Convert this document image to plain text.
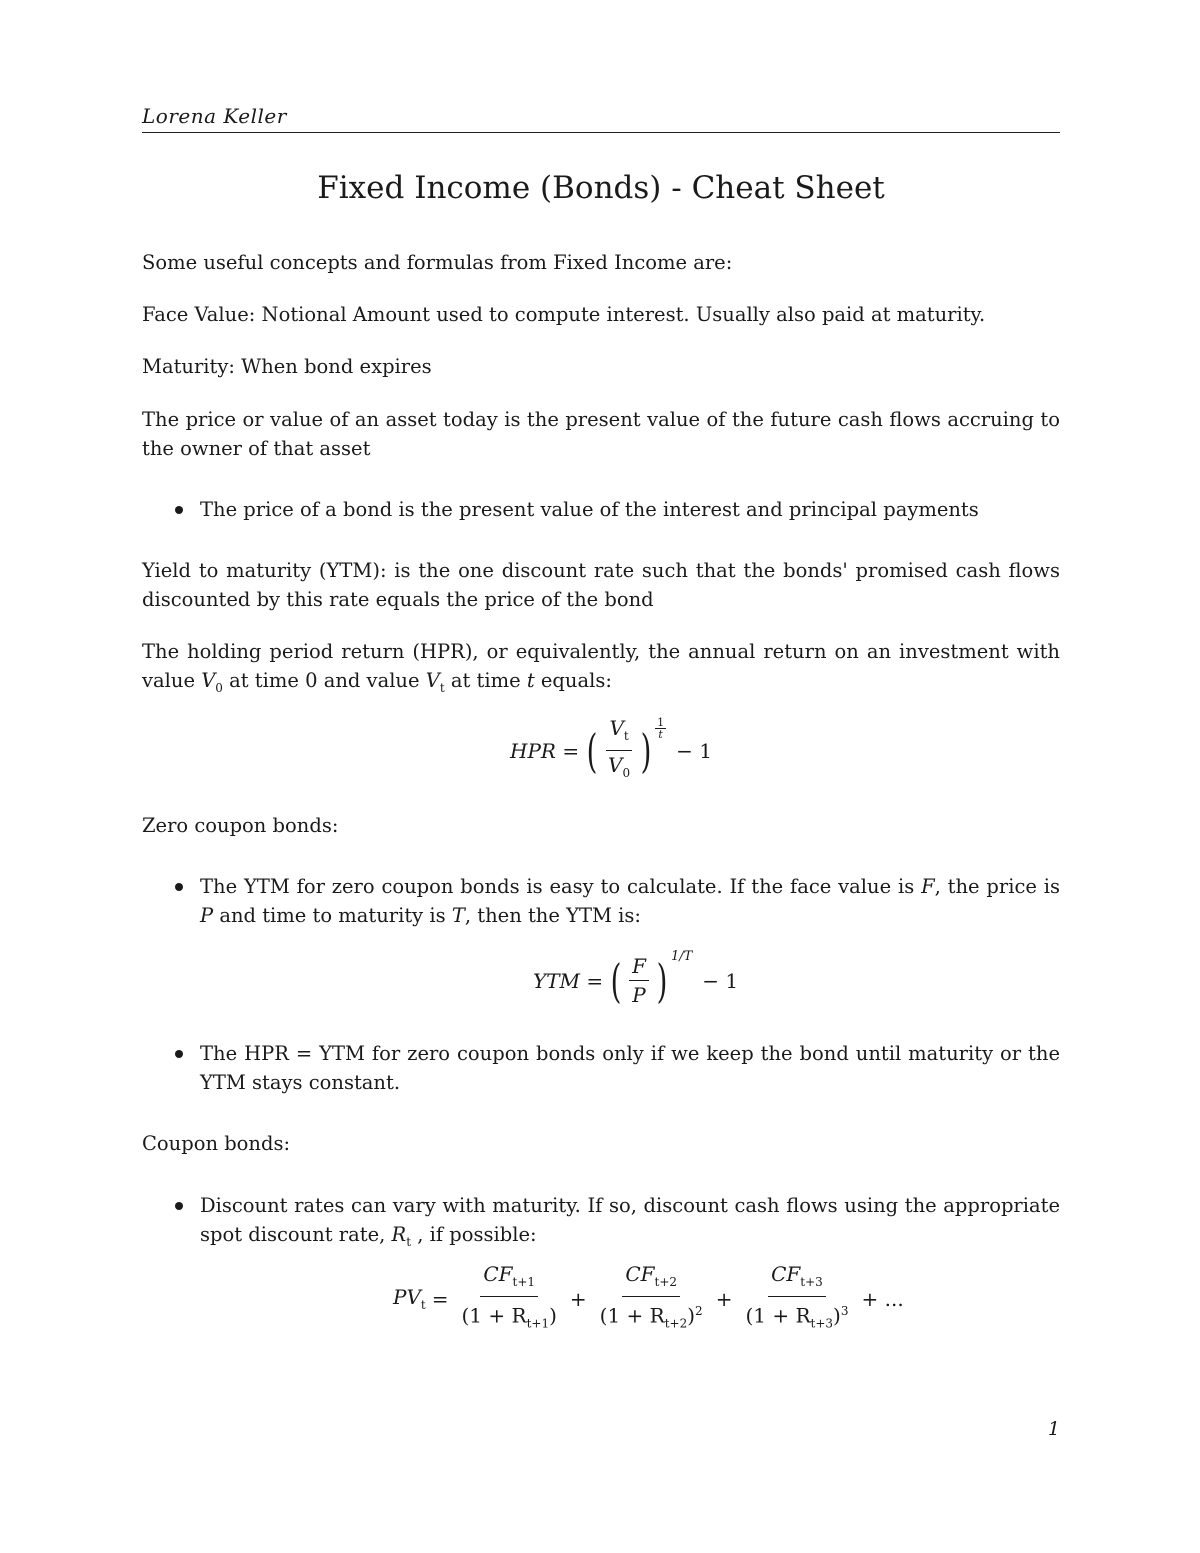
Lorena Keller
Fixed Income (Bonds) - Cheat Sheet
Some useful concepts and formulas from Fixed Income are:
Face Value: Notional Amount used to compute interest. Usually also paid at maturity.
Maturity: When bond expires
The price or value of an asset today is the present value of the future cash flows accruing to the owner of that asset
The price of a bond is the present value of the interest and principal payments
Yield to maturity (YTM): is the one discount rate such that the bonds' promised cash flows discounted by this rate equals the price of the bond
The holding period return (HPR), or equivalently, the annual return on an investment with value $V_0$ at time 0 and value $V_t$ at time t equals:
HPR = ( $\frac{V_t}{V_0}$ )
1
t
− 1
Zero coupon bonds:
The YTM for zero coupon bonds is easy to calculate. If the face value is F, the price is P and time to maturity is T, then the YTM is:
YTM = ( $\frac{F}{P}$ ) 1/T
− 1
The HPR = YTM for zero coupon bonds only if we keep the bond until maturity or the YTM stays constant.
Coupon bonds:
Discount rates can vary with maturity. If so, discount cash flows using the appropriate spot discount rate, $R_t$ , if possible:
$PV_t = \frac{CF_{t+1}}{(1 + R_{t+1})} + \frac{CF_{t+2}}{(1 + R_{t+2})^2} + \frac{CF_{t+3}}{(1 + R_{t+3})^3}$ + ...
1
